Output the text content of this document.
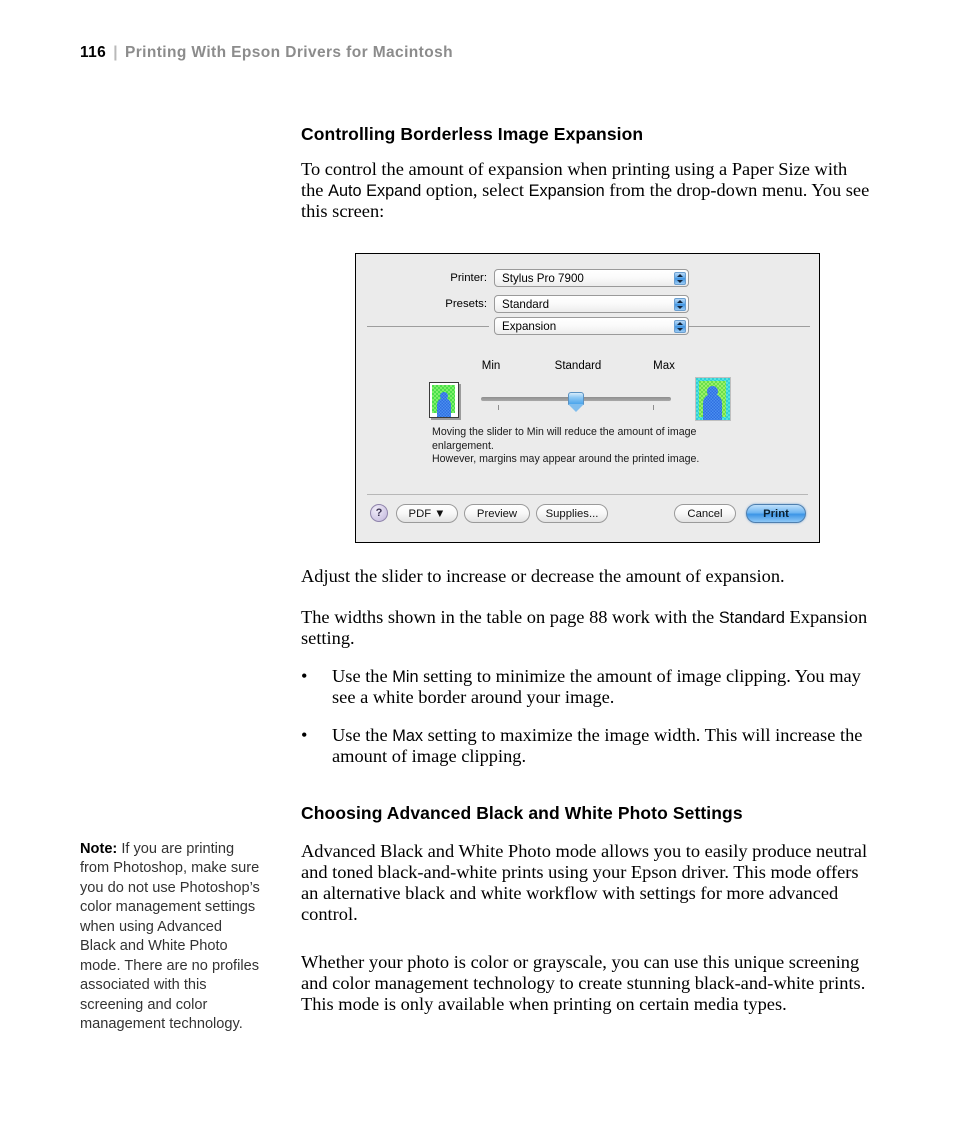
116 | Printing With Epson Drivers for Macintosh
Controlling Borderless Image Expansion

To control the amount of expansion when printing using a Paper Size with the Auto Expand option, select Expansion from the drop-down menu. You see this screen:

Adjust the slider to increase or decrease the amount of expansion.

The widths shown in the table on page 88 work with the Standard Expansion setting.

• Use the Min setting to minimize the amount of image clipping. You may see a white border around your image.
• Use the Max setting to maximize the image width. This will increase the amount of image clipping.
Choosing Advanced Black and White Photo Settings

Advanced Black and White Photo mode allows you to easily produce neutral and toned black-and-white prints using your Epson driver. This mode offers an alternative black and white workflow with settings for more advanced control.

Whether your photo is color or grayscale, you can use this unique screening and color management technology to create stunning black-and-white prints. This mode is only available when printing on certain media types.

Note: If you are printing from Photoshop, make sure you do not use Photoshop’s color management settings when using Advanced Black and White Photo mode. There are no profiles associated with this screening and color management technology.
Printer: Stylus Pro 7900
Presets: Standard
Expansion
Min	Standard	Max
Moving the slider to Min will reduce the amount of image enlargement.
However, margins may appear around the printed image.
?	PDF ▼	Preview	Supplies...	Cancel	Print
